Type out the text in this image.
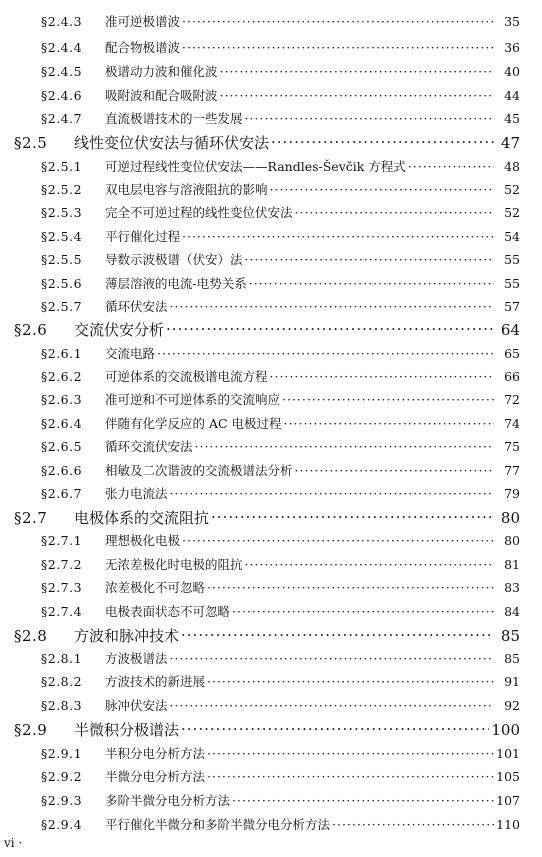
§2.4.3	准可逆极谱波 ·····	35
§2.4.4	配合物极谱波 ·····	36
§2.4.5	极谱动力波和催化波 ·····	40
§2.4.6	吸附波和配合吸附波 ·····	44
§2.4.7	直流极谱技术的一些发展 ·····	45
§2.5	线性变位伏安法与循环伏安法 ·····	47
§2.5.1	可逆过程线性变位伏安法——Randles-Ševčik 方程式 ·····	48
§2.5.2	双电层电容与溶液阻抗的影响 ·····	52
§2.5.3	完全不可逆过程的线性变位伏安法 ·····	52
§2.5.4	平行催化过程 ·····	54
§2.5.5	导数示波极谱（伏安）法 ·····	55
§2.5.6	薄层溶液的电流-电势关系 ·····	55
§2.5.7	循环伏安法 ·····	57
§2.6	交流伏安分析 ·····	64
§2.6.1	交流电路 ·····	65
§2.6.2	可逆体系的交流极谱电流方程 ·····	66
§2.6.3	准可逆和不可逆体系的交流响应 ·····	72
§2.6.4	伴随有化学反应的 AC 电极过程 ·····	74
§2.6.5	循环交流伏安法 ·····	75
§2.6.6	相敏及二次谐波的交流极谱法分析 ·····	77
§2.6.7	张力电流法 ·····	79
§2.7	电极体系的交流阻抗 ·····	80
§2.7.1	理想极化电极 ·····	80
§2.7.2	无浓差极化时电极的阻抗 ·····	81
§2.7.3	浓差极化不可忽略 ·····	83
§2.7.4	电极表面状态不可忽略 ·····	84
§2.8	方波和脉冲技术 ·····	85
§2.8.1	方波极谱法 ·····	85
§2.8.2	方波技术的新进展 ·····	91
§2.8.3	脉冲伏安法 ·····	92
§2.9	半微积分极谱法 ·····	100
§2.9.1	半积分电分析方法 ·····	101
§2.9.2	半微分电分析方法 ·····	105
§2.9.3	多阶半微分电分析方法 ·····	107
§2.9.4	平行催化半微分和多阶半微分电分析方法 ·····	110
vi ·
